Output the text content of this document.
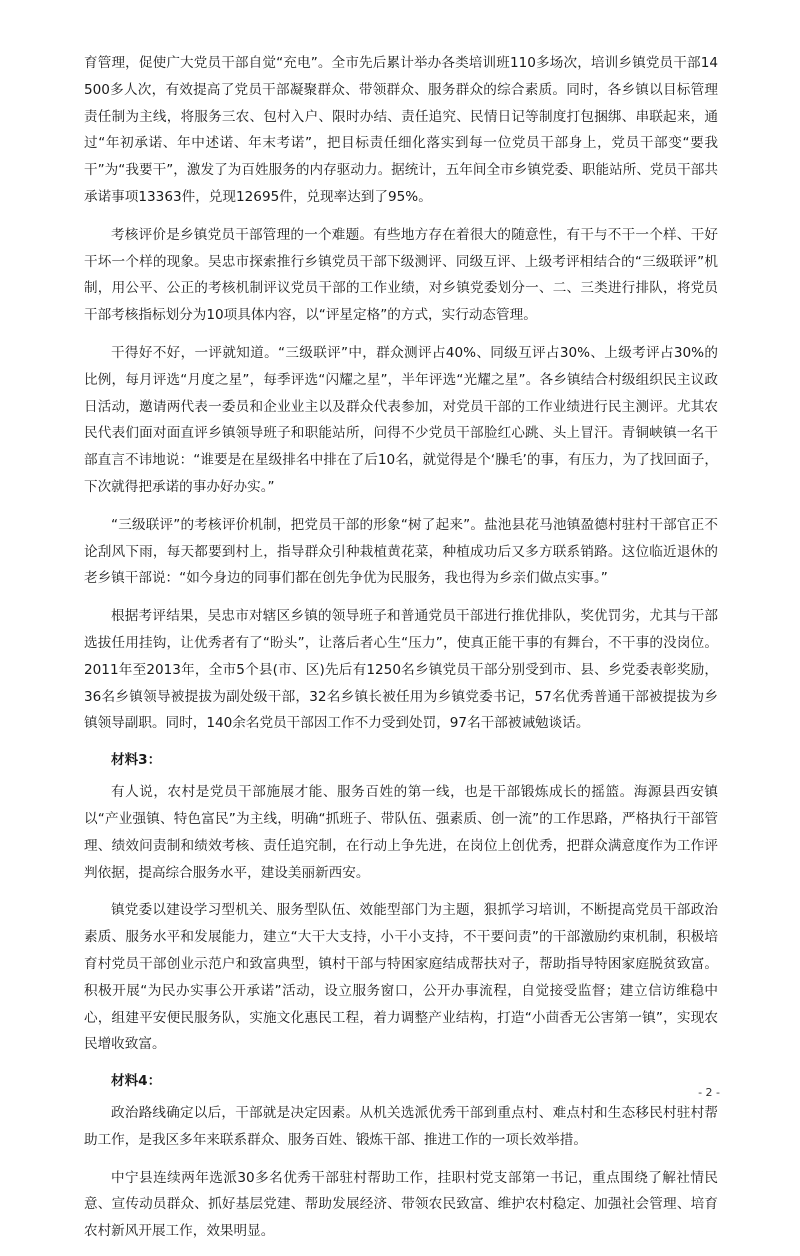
育管理，促使广大党员干部自觉“充电”。全市先后累计举办各类培训班110多场次，培训乡镇党员干部14500多人次，有效提高了党员干部凝聚群众、带领群众、服务群众的综合素质。同时，各乡镇以目标管理责任制为主线，将服务三农、包村入户、限时办结、责任追究、民情日记等制度打包捆绑、串联起来，通过“年初承诺、年中述诺、年末考诺”，把目标责任细化落实到每一位党员干部身上，党员干部变“要我干”为“我要干”，激发了为百姓服务的内存驱动力。据统计，五年间全市乡镇党委、职能站所、党员干部共承诺事项13363件，兑现12695件，兑现率达到了95%。

考核评价是乡镇党员干部管理的一个难题。有些地方存在着很大的随意性，有干与不干一个样、干好干坏一个样的现象。吴忠市探索推行乡镇党员干部下级测评、同级互评、上级考评相结合的“三级联评”机制，用公平、公正的考核机制评议党员干部的工作业绩，对乡镇党委划分一、二、三类进行排队，将党员干部考核指标划分为10项具体内容，以“评星定格”的方式，实行动态管理。

干得好不好，一评就知道。“三级联评”中，群众测评占40%、同级互评占30%、上级考评占30%的比例，每月评选“月度之星”，每季评选“闪耀之星”，半年评选“光耀之星”。各乡镇结合村级组织民主议政日活动，邀请两代表一委员和企业业主以及群众代表参加，对党员干部的工作业绩进行民主测评。尤其农民代表们面对面直评乡镇领导班子和职能站所，问得不少党员干部脸红心跳、头上冒汗。青铜峡镇一名干部直言不讳地说：“谁要是在星级排名中排在了后10名，就觉得是个‘臊毛’的事，有压力，为了找回面子，下次就得把承诺的事办好办实。”

“三级联评”的考核评价机制，把党员干部的形象“树了起来”。盐池县花马池镇盈德村驻村干部官正不论刮风下雨，每天都要到村上，指导群众引种栽植黄花菜，种植成功后又多方联系销路。这位临近退休的老乡镇干部说：“如今身边的同事们都在创先争优为民服务，我也得为乡亲们做点实事。”

根据考评结果，吴忠市对辖区乡镇的领导班子和普通党员干部进行推优排队，奖优罚劣，尤其与干部选拔任用挂钩，让优秀者有了“盼头”，让落后者心生“压力”，使真正能干事的有舞台，不干事的没岗位。2011年至2013年，全市5个县(市、区)先后有1250名乡镇党员干部分别受到市、县、乡党委表彰奖励，36名乡镇领导被提拔为副处级干部，32名乡镇长被任用为乡镇党委书记，57名优秀普通干部被提拔为乡镇领导副职。同时，140余名党员干部因工作不力受到处罚，97名干部被诫勉谈话。

材料3：

有人说，农村是党员干部施展才能、服务百姓的第一线，也是干部锻炼成长的摇篮。海源县西安镇以“产业强镇、特色富民”为主线，明确“抓班子、带队伍、强素质、创一流”的工作思路，严格执行干部管理、绩效问责制和绩效考核、责任追究制，在行动上争先进，在岗位上创优秀，把群众满意度作为工作评判依据，提高综合服务水平，建设美丽新西安。

镇党委以建设学习型机关、服务型队伍、效能型部门为主题，狠抓学习培训，不断提高党员干部政治素质、服务水平和发展能力，建立“大干大支持，小干小支持，不干要问责”的干部激励约束机制，积极培育村党员干部创业示范户和致富典型，镇村干部与特困家庭结成帮扶对子，帮助指导特困家庭脱贫致富。积极开展“为民办实事公开承诺”活动，设立服务窗口，公开办事流程，自觉接受监督；建立信访维稳中心，组建平安便民服务队，实施文化惠民工程，着力调整产业结构，打造“小茴香无公害第一镇”，实现农民增收致富。

材料4：

政治路线确定以后，干部就是决定因素。从机关选派优秀干部到重点村、难点村和生态移民村驻村帮助工作，是我区多年来联系群众、服务百姓、锻炼干部、推进工作的一项长效举措。

中宁县连续两年选派30多名优秀干部驻村帮助工作，挂职村党支部第一书记，重点围绕了解社情民意、宣传动员群众、抓好基层党建、帮助发展经济、带领农民致富、维护农村稳定、加强社会管理、培育农村新风开展工作，效果明显。

- 2 -
